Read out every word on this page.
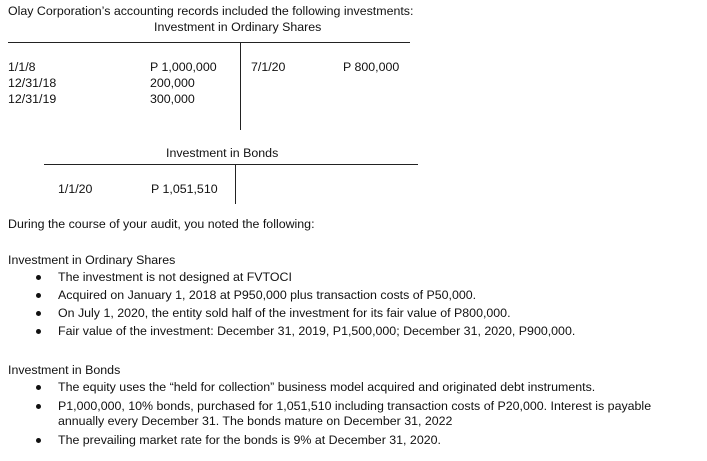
Olay Corporation’s accounting records included the following investments:
Investment in Ordinary Shares
1/1/8	P 1,000,000
12/31/18	200,000
12/31/19	300,000
7/1/20	P 800,000
Investment in Bonds
1/1/20	P 1,051,510
During the course of your audit, you noted the following:
Investment in Ordinary Shares
The investment is not designed at FVTOCI
Acquired on January 1, 2018 at P950,000 plus transaction costs of P50,000.
On July 1, 2020, the entity sold half of the investment for its fair value of P800,000.
Fair value of the investment: December 31, 2019, P1,500,000; December 31, 2020, P900,000.
Investment in Bonds
The equity uses the “held for collection” business model acquired and originated debt instruments.
P1,000,000, 10% bonds, purchased for 1,051,510 including transaction costs of P20,000. Interest is payable annually every December 31. The bonds mature on December 31, 2022
The prevailing market rate for the bonds is 9% at December 31, 2020.
